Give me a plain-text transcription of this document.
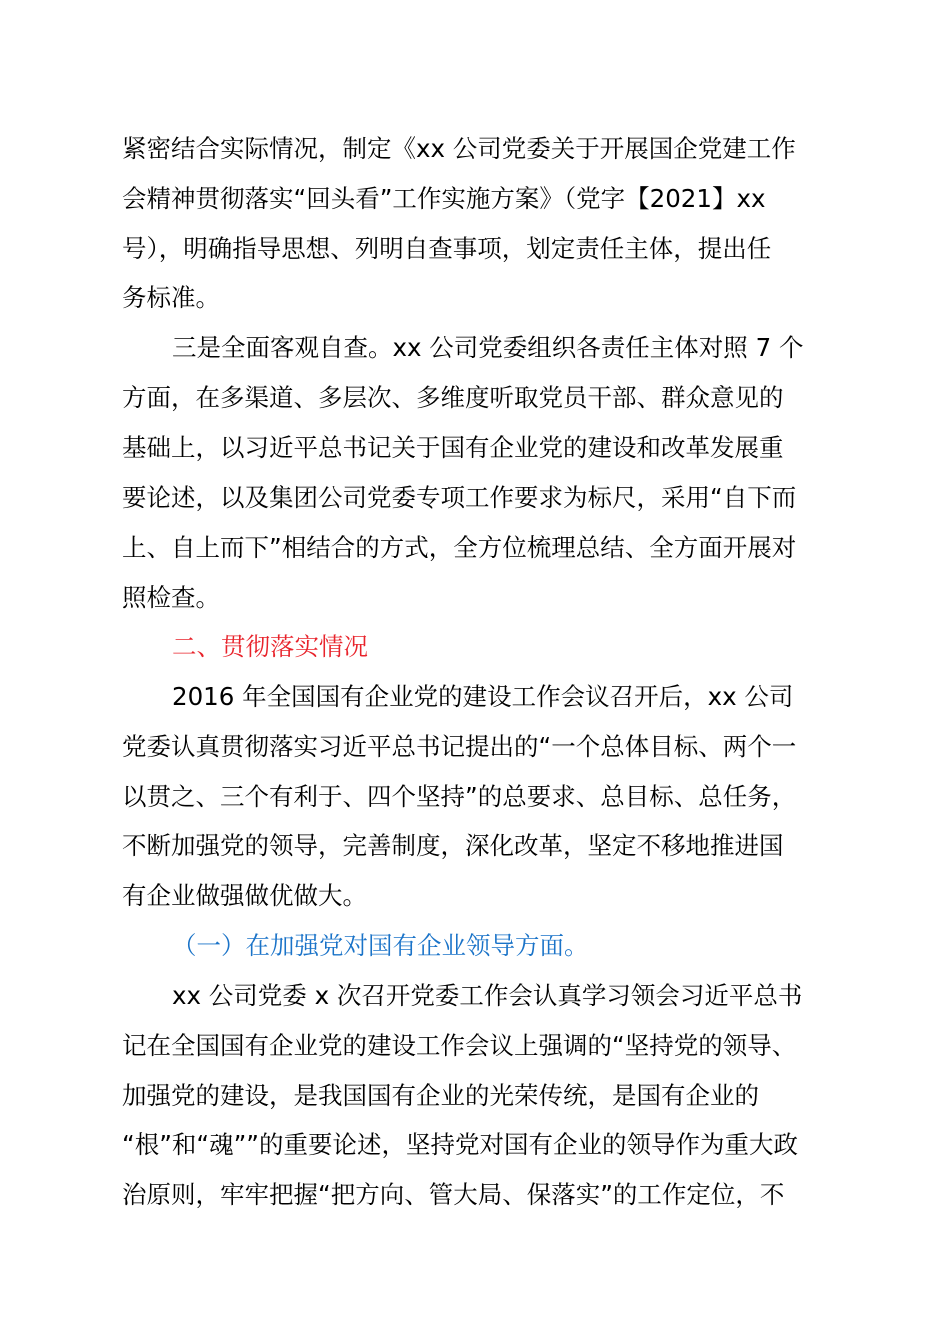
紧密结合实际情况，制定《xx 公司党委关于开展国企党建工作
会精神贯彻落实“回头看”工作实施方案》（党字【2021】xx
号），明确指导思想、列明自查事项，划定责任主体，提出任
务标准。
三是全面客观自查。xx 公司党委组织各责任主体对照 7 个
方面，在多渠道、多层次、多维度听取党员干部、群众意见的
基础上，以习近平总书记关于国有企业党的建设和改革发展重
要论述，以及集团公司党委专项工作要求为标尺，采用“自下而
上、自上而下”相结合的方式，全方位梳理总结、全方面开展对
照检查。
二、贯彻落实情况
2016 年全国国有企业党的建设工作会议召开后，xx 公司
党委认真贯彻落实习近平总书记提出的“一个总体目标、两个一
以贯之、三个有利于、四个坚持”的总要求、总目标、总任务，
不断加强党的领导，完善制度，深化改革，坚定不移地推进国
有企业做强做优做大。
（一）在加强党对国有企业领导方面。
xx 公司党委 x 次召开党委工作会认真学习领会习近平总书
记在全国国有企业党的建设工作会议上强调的“坚持党的领导、
加强党的建设，是我国国有企业的光荣传统，是国有企业的
“根”和“魂””的重要论述，坚持党对国有企业的领导作为重大政
治原则，牢牢把握“把方向、管大局、保落实”的工作定位，不
